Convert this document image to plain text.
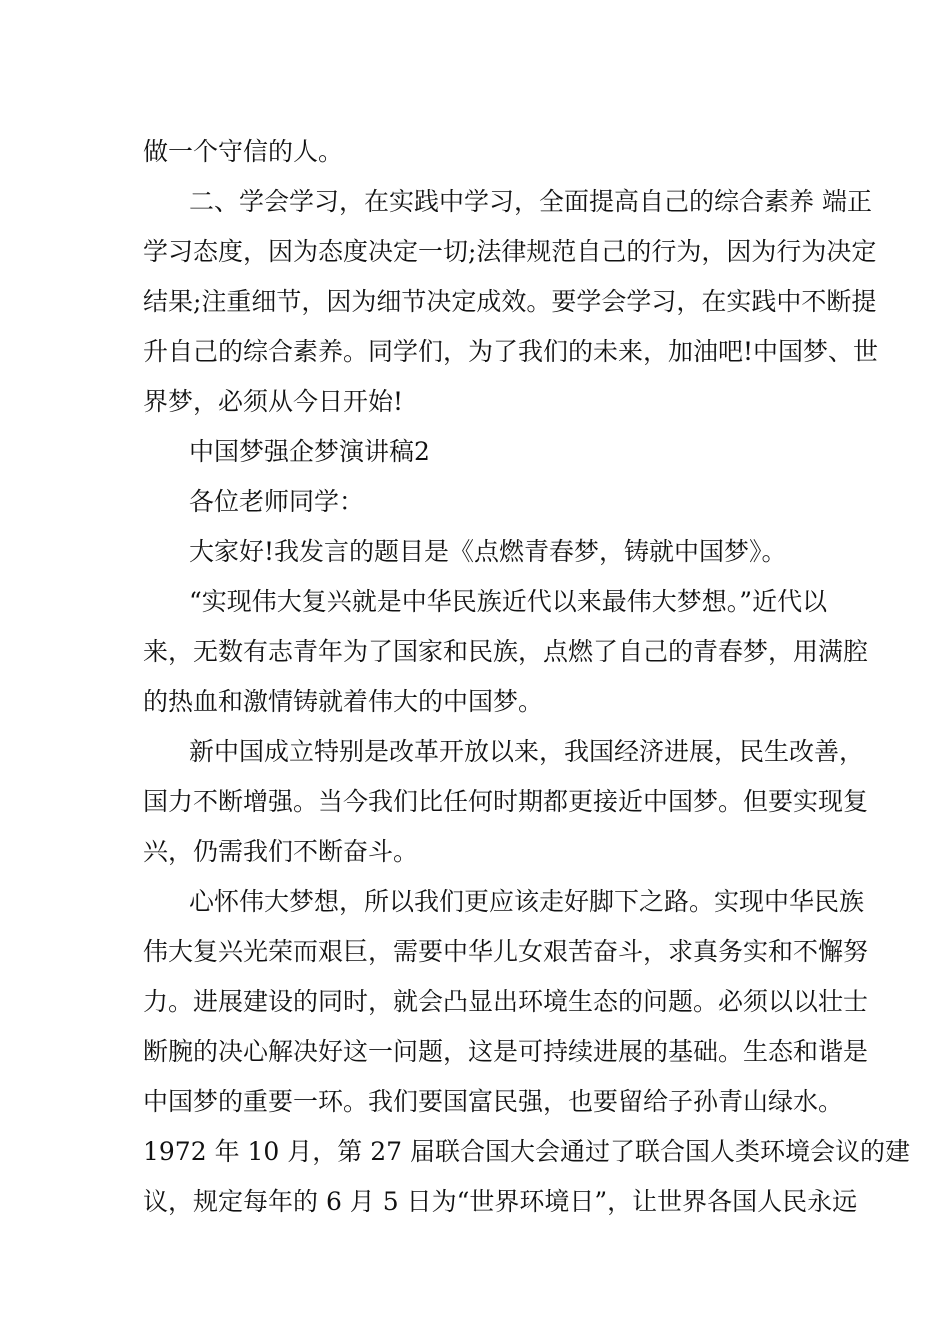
做一个守信的人。
二、学会学习，在实践中学习，全面提高自己的综合素养 端正
学习态度，因为态度决定一切;法律规范自己的行为，因为行为决定
结果;注重细节，因为细节决定成效。要学会学习，在实践中不断提
升自己的综合素养。同学们，为了我们的未来，加油吧!中国梦、世
界梦，必须从今日开始!
中国梦强企梦演讲稿2
各位老师同学：
大家好!我发言的题目是《点燃青春梦，铸就中国梦》。
“实现伟大复兴就是中华民族近代以来最伟大梦想。”近代以
来，无数有志青年为了国家和民族，点燃了自己的青春梦，用满腔
的热血和激情铸就着伟大的中国梦。
新中国成立特别是改革开放以来，我国经济进展，民生改善，
国力不断增强。当今我们比任何时期都更接近中国梦。但要实现复
兴，仍需我们不断奋斗。
心怀伟大梦想，所以我们更应该走好脚下之路。实现中华民族
伟大复兴光荣而艰巨，需要中华儿女艰苦奋斗，求真务实和不懈努
力。进展建设的同时，就会凸显出环境生态的问题。必须以以壮士
断腕的决心解决好这一问题，这是可持续进展的基础。生态和谐是
中国梦的重要一环。我们要国富民强，也要留给子孙青山绿水。
1972 年 10 月，第 27 届联合国大会通过了联合国人类环境会议的建
议，规定每年的 6 月 5 日为“世界环境日”，让世界各国人民永远
